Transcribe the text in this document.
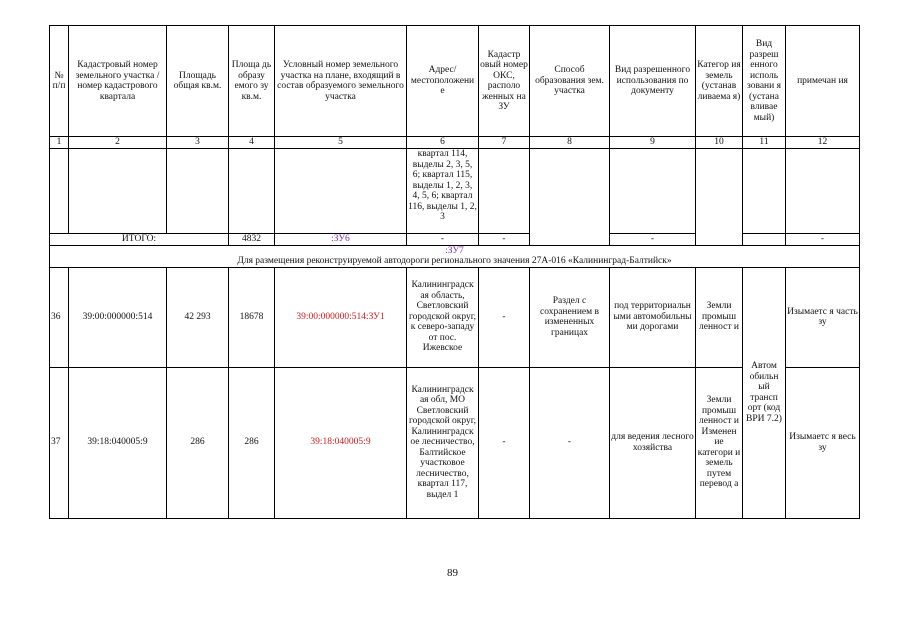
№ п/п	Кадастровый номер земельного участка /номер кадастрового квартала	Площадь общая кв.м.	Площа дь образу емого зу кв.м.	Условный номер земельного участка на плане, входящий в состав образуемого земельного участка	Адрес/ местоположени е	Кадастр овый номер ОКС, располо женных на ЗУ	Способ образования зем. участка	Вид разрешенного использования по документу	Категор ия земель (устанав ливаема я)	Вид разреш енного исполь зовани я (устана вливае мый)	примечан ия
1	2	3	4	5	6	7	8	9	10	11	12
					квартал 114, выделы 2, 3, 5, 6; квартал 115, выделы 1, 2, 3, 4, 5, 6; квартал 116, выделы 1, 2, 3						
ИТОГО:			4832	:ЗУ6	-	-		-			-
:ЗУ7
Для размещения реконструируемой автодороги регионального значения 27А-016 «Калининград-Балтийск»											
36	39:00:000000:514	42 293	18678	39:00:000000:514:ЗУ1	Калининградск ая область, Светловский городской округ, к северо-западу от пос. Ижевское	-	Раздел с сохранением в измененных границах	под территориальн ыми автомобильны ми дорогами	Земли промыш ленност и	Автом обильн ый трансп орт (код ВРИ 7.2)	Изымаетс я часть зу
37	39:18:040005:9	286	286	39:18:040005:9	Калининградск ая обл, МО Светловский городской округ, Калининградск ое лесничество, Балтийское участковое лесничество, квартал 117, выдел 1	-	-	для ведения лесного хозяйства	Земли промыш ленност и Изменен ие категори и земель путем перевод а		Изымаетс я весь зу
89
